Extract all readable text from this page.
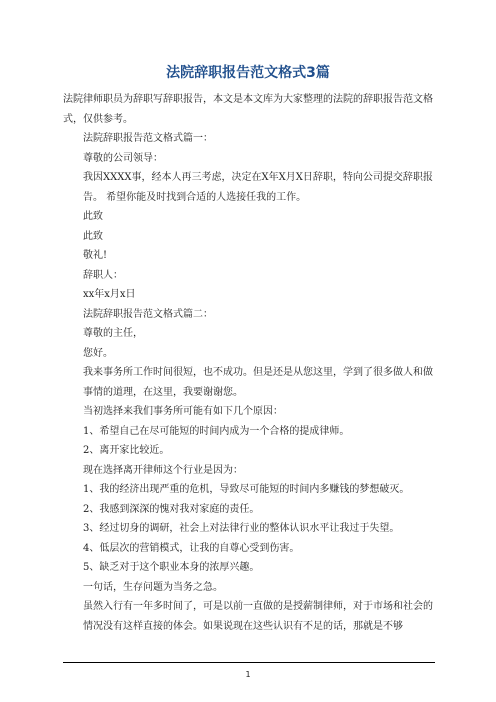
法院辞职报告范文格式3篇

法院律师职员为辞职写辞职报告，本文是本文库为大家整理的法院的辞职报告范文格式，仅供参考。

法院辞职报告范文格式篇一：

尊敬的公司领导：

我因XXXX事，经本人再三考虑，决定在X年X月X日辞职，特向公司提交辞职报告。 希望你能及时找到合适的人选接任我的工作。

此致

此致

敬礼!

辞职人：

xx年x月x日

法院辞职报告范文格式篇二：

尊敬的主任，

您好。

我来事务所工作时间很短，也不成功。但是还是从您这里，学到了很多做人和做事情的道理，在这里，我要谢谢您。

当初选择来我们事务所可能有如下几个原因：

1、希望自己在尽可能短的时间内成为一个合格的提成律师。

2、离开家比较近。

现在选择离开律师这个行业是因为：

1、我的经济出现严重的危机，导致尽可能短的时间内多赚钱的梦想破灭。

2、我感到深深的愧对我对家庭的责任。

3、经过切身的调研，社会上对法律行业的整体认识水平让我过于失望。

4、低层次的营销模式，让我的自尊心受到伤害。

5、缺乏对于这个职业本身的浓厚兴趣。

一句话，生存问题为当务之急。

虽然入行有一年多时间了，可是以前一直做的是授薪制律师，对于市场和社会的情况没有这样直接的体会。如果说现在这些认识有不足的话，那就是不够

1
